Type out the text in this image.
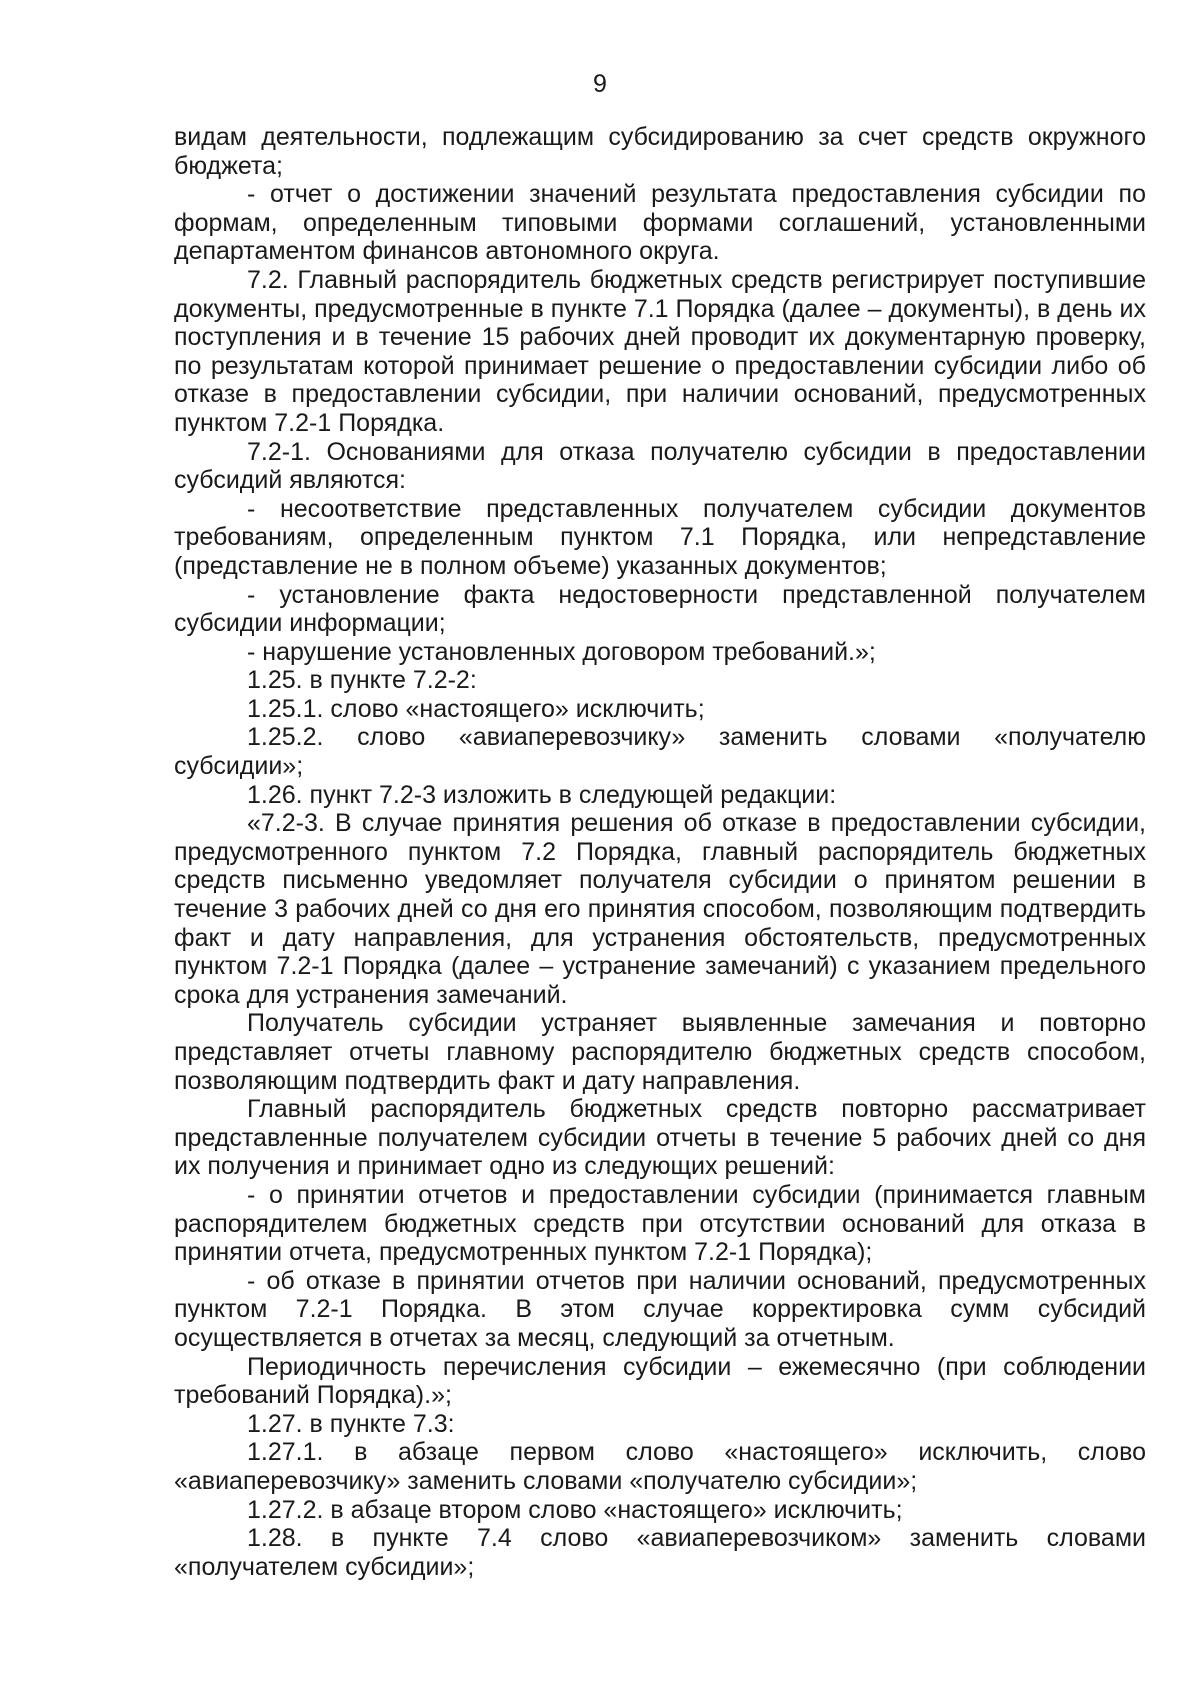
9

видам деятельности, подлежащим субсидированию за счет средств окружного бюджета;

- отчет о достижении значений результата предоставления субсидии по формам, определенным типовыми формами соглашений, установленными департаментом финансов автономного округа.

7.2. Главный распорядитель бюджетных средств регистрирует поступившие документы, предусмотренные в пункте 7.1 Порядка (далее – документы), в день их поступления и в течение 15 рабочих дней проводит их документарную проверку, по результатам которой принимает решение о предоставлении субсидии либо об отказе в предоставлении субсидии, при наличии оснований, предусмотренных пунктом 7.2-1 Порядка.

7.2-1. Основаниями для отказа получателю субсидии в предоставлении субсидий являются:

- несоответствие представленных получателем субсидии документов требованиям, определенным пунктом 7.1 Порядка, или непредставление (представление не в полном объеме) указанных документов;

- установление факта недостоверности представленной получателем субсидии информации;

- нарушение установленных договором требований.»;

1.25. в пункте 7.2-2:

1.25.1. слово «настоящего» исключить;

1.25.2. слово «авиаперевозчику» заменить словами «получателю субсидии»;

1.26. пункт 7.2-3 изложить в следующей редакции:

«7.2-3. В случае принятия решения об отказе в предоставлении субсидии, предусмотренного пунктом 7.2 Порядка, главный распорядитель бюджетных средств письменно уведомляет получателя субсидии о принятом решении в течение 3 рабочих дней со дня его принятия способом, позволяющим подтвердить факт и дату направления, для устранения обстоятельств, предусмотренных пунктом 7.2-1 Порядка (далее – устранение замечаний) с указанием предельного срока для устранения замечаний.

Получатель субсидии устраняет выявленные замечания и повторно представляет отчеты главному распорядителю бюджетных средств способом, позволяющим подтвердить факт и дату направления.

Главный распорядитель бюджетных средств повторно рассматривает представленные получателем субсидии отчеты в течение 5 рабочих дней со дня их получения и принимает одно из следующих решений:

- о принятии отчетов и предоставлении субсидии (принимается главным распорядителем бюджетных средств при отсутствии оснований для отказа в принятии отчета, предусмотренных пунктом 7.2-1 Порядка);

- об отказе в принятии отчетов при наличии оснований, предусмотренных пунктом 7.2-1 Порядка. В этом случае корректировка сумм субсидий осуществляется в отчетах за месяц, следующий за отчетным.

Периодичность перечисления субсидии – ежемесячно (при соблюдении требований Порядка).»;

1.27. в пункте 7.3:

1.27.1. в абзаце первом слово «настоящего» исключить, слово «авиаперевозчику» заменить словами «получателю субсидии»;

1.27.2. в абзаце втором слово «настоящего» исключить;

1.28. в пункте 7.4 слово «авиаперевозчиком» заменить словами «получателем субсидии»;
